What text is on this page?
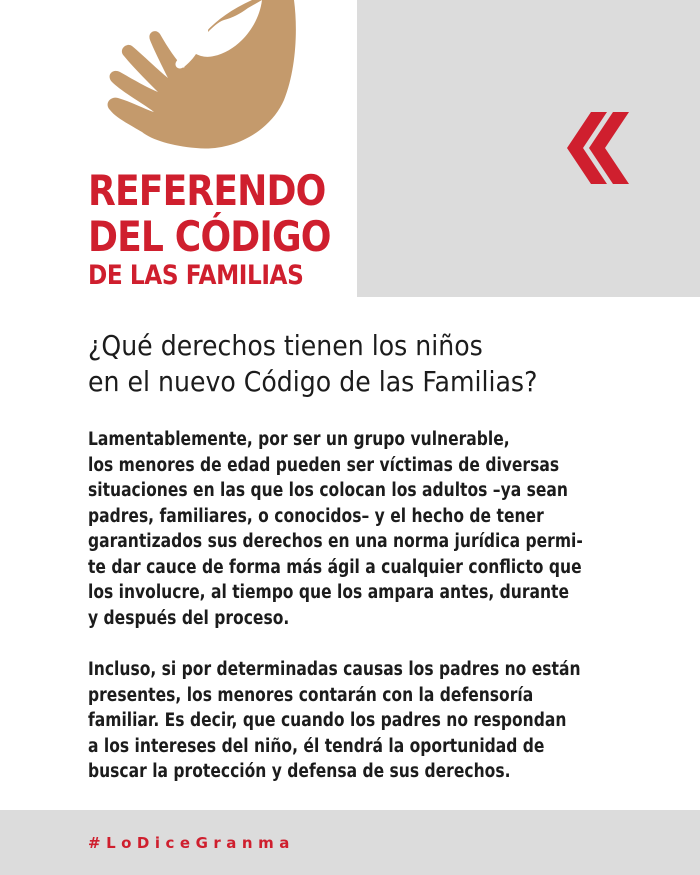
REFERENDO
DEL CÓDIGO
DE LAS FAMILIAS
¿Qué derechos tienen los niños
en el nuevo Código de las Familias?
Lamentablemente, por ser un grupo vulnerable,
los menores de edad pueden ser víctimas de diversas
situaciones en las que los colocan los adultos –ya sean
padres, familiares, o conocidos– y el hecho de tener
garantizados sus derechos en una norma jurídica permi-
te dar cauce de forma más ágil a cualquier conflicto que
los involucre, al tiempo que los ampara antes, durante
y después del proceso.
Incluso, si por determinadas causas los padres no están
presentes, los menores contarán con la defensoría
familiar. Es decir, que cuando los padres no respondan
a los intereses del niño, él tendrá la oportunidad de
buscar la protección y defensa de sus derechos.
#LoDiceGranma
